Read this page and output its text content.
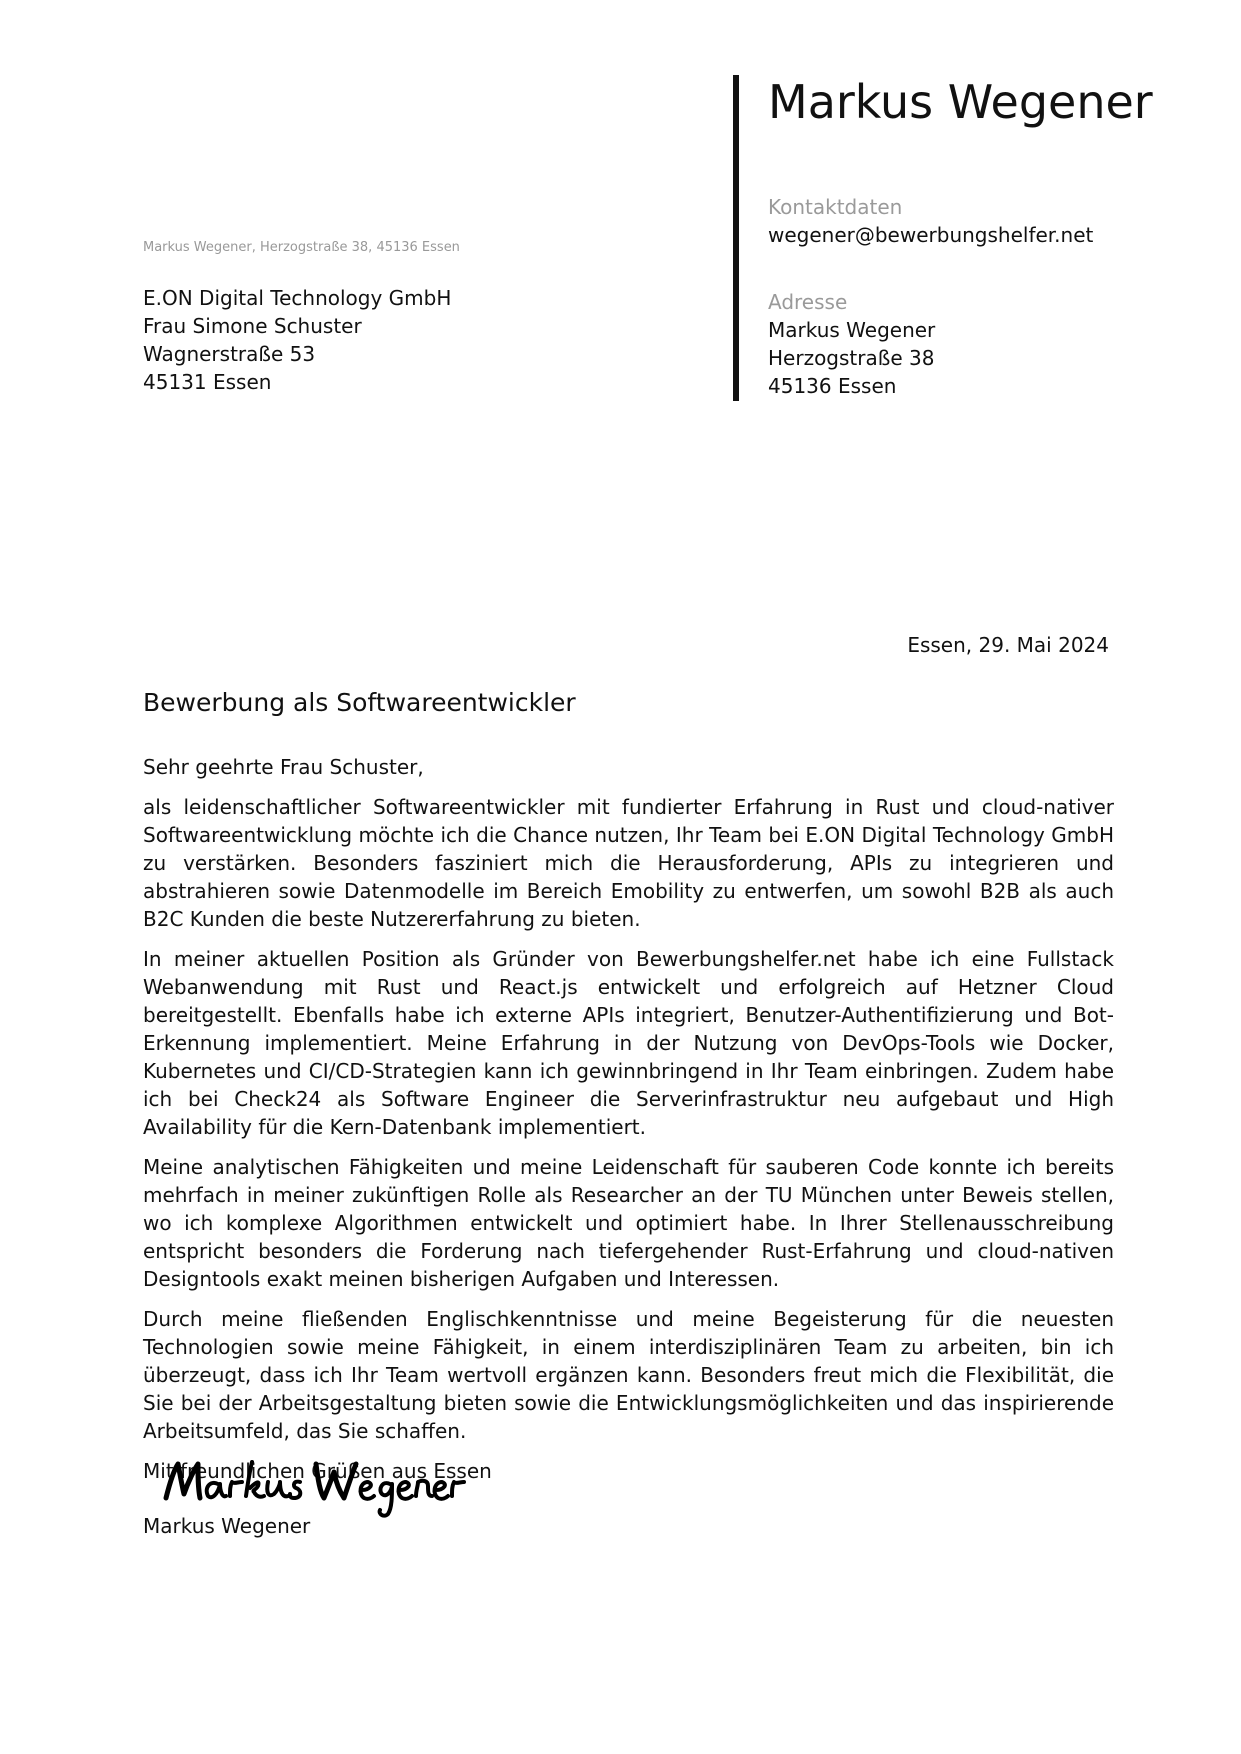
Markus Wegener
Kontaktdaten
wegener@bewerbungshelfer.net
Adresse
Markus Wegener
Herzogstraße 38
45136 Essen
Markus Wegener, Herzogstraße 38, 45136 Essen
E.ON Digital Technology GmbH
Frau Simone Schuster
Wagnerstraße 53
45131 Essen
Essen, 29. Mai 2024
Bewerbung als Softwareentwickler
Sehr geehrte Frau Schuster,

als leidenschaftlicher Softwareentwickler mit fundierter Erfahrung in Rust und cloud-nativer Softwareentwicklung möchte ich die Chance nutzen, Ihr Team bei E.ON Digital Technology GmbH zu verstärken. Besonders fasziniert mich die Herausforderung, APIs zu integrieren und abstrahieren sowie Datenmodelle im Bereich Emobility zu entwerfen, um sowohl B2B als auch B2C Kunden die beste Nutzererfahrung zu bieten.

In meiner aktuellen Position als Gründer von Bewerbungshelfer.net habe ich eine Fullstack Webanwendung mit Rust und React.js entwickelt und erfolgreich auf Hetzner Cloud bereitgestellt. Ebenfalls habe ich externe APIs integriert, Benutzer-Authentifizierung und Bot-Erkennung implementiert. Meine Erfahrung in der Nutzung von DevOps-Tools wie Docker, Kubernetes und CI/CD-Strategien kann ich gewinnbringend in Ihr Team einbringen. Zudem habe ich bei Check24 als Software Engineer die Serverinfrastruktur neu aufgebaut und High Availability für die Kern-Datenbank implementiert.

Meine analytischen Fähigkeiten und meine Leidenschaft für sauberen Code konnte ich bereits mehrfach in meiner zukünftigen Rolle als Researcher an der TU München unter Beweis stellen, wo ich komplexe Algorithmen entwickelt und optimiert habe. In Ihrer Stellenausschreibung entspricht besonders die Forderung nach tiefergehender Rust-Erfahrung und cloud-nativen Designtools exakt meinen bisherigen Aufgaben und Interessen.

Durch meine fließenden Englischkenntnisse und meine Begeisterung für die neuesten Technologien sowie meine Fähigkeit, in einem interdisziplinären Team zu arbeiten, bin ich überzeugt, dass ich Ihr Team wertvoll ergänzen kann. Besonders freut mich die Flexibilität, die Sie bei der Arbeitsgestaltung bieten sowie die Entwicklungsmöglichkeiten und das inspirierende Arbeitsumfeld, das Sie schaffen.

Mit freundlichen Grüßen aus Essen
Markus Wegener
